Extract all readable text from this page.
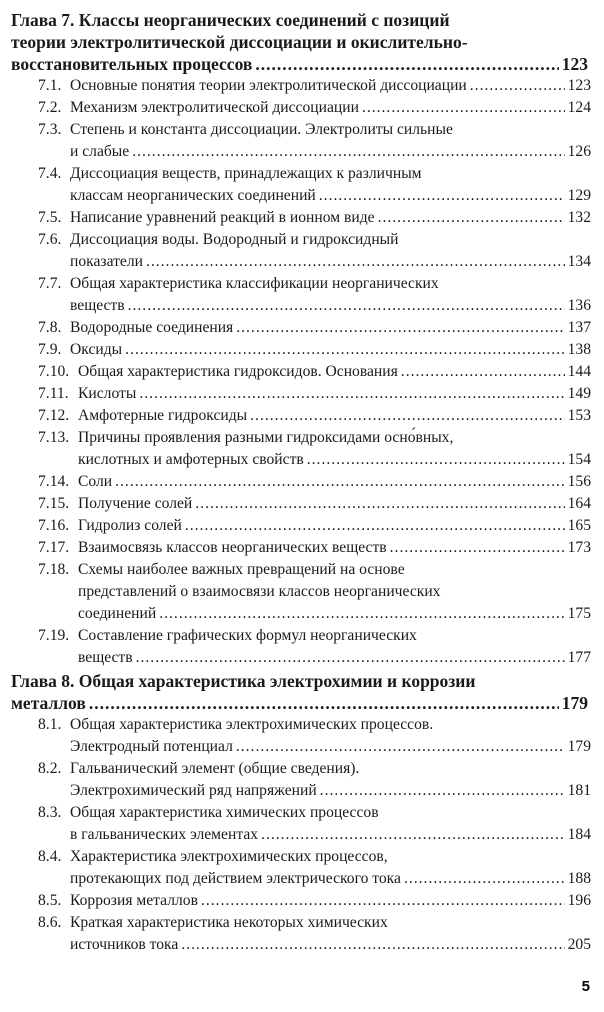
Глава 7. Классы неорганических соединений с позиций
теории электролитической диссоциации и окислительно-
восстановительных процессов .....	123
7.1. Основные понятия теории электролитической диссоциации .....	123
7.2. Механизм электролитической диссоциации .....	124
7.3. Степень и константа диссоциации. Электролиты сильные
и слабые .....	126
7.4. Диссоциация веществ, принадлежащих к различным
классам неорганических соединений .....	129
7.5. Написание уравнений реакций в ионном виде .....	132
7.6. Диссоциация воды. Водородный и гидроксидный
показатели .....	134
7.7. Общая характеристика классификации неорганических
веществ .....	136
7.8. Водородные соединения .....	137
7.9. Оксиды .....	138
7.10. Общая характеристика гидроксидов. Основания .....	144
7.11. Кислоты .....	149
7.12. Амфотерные гидроксиды .....	153
7.13. Причины проявления разными гидроксидами осно́вных,
кислотных и амфотерных свойств .....	154
7.14. Соли .....	156
7.15. Получение солей .....	164
7.16. Гидролиз солей .....	165
7.17. Взаимосвязь классов неорганических веществ .....	173
7.18. Схемы наиболее важных превращений на основе
представлений о взаимосвязи классов неорганических
соединений .....	175
7.19. Составление графических формул неорганических
веществ .....	177
Глава 8. Общая характеристика электрохимии и коррозии
металлов .....	179
8.1. Общая характеристика электрохимических процессов.
Электродный потенциал .....	179
8.2. Гальванический элемент (общие сведения).
Электрохимический ряд напряжений .....	181
8.3. Общая характеристика химических процессов
в гальванических элементах .....	184
8.4. Характеристика электрохимических процессов,
протекающих под действием электрического тока .....	188
8.5. Коррозия металлов .....	196
8.6. Краткая характеристика некоторых химических
источников тока .....	205
5
